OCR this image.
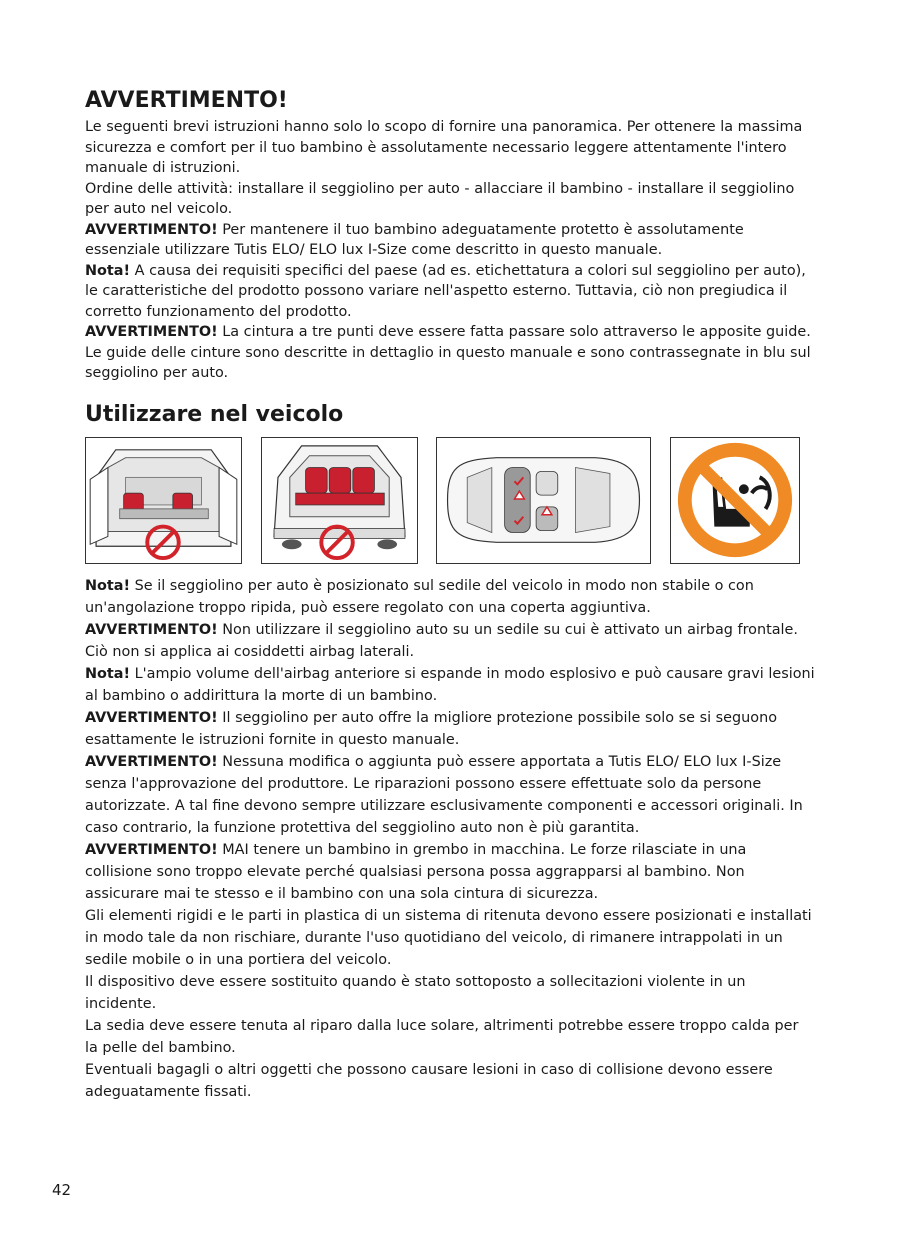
AVVERTIMENTO!

Le seguenti brevi istruzioni hanno solo lo scopo di fornire una panoramica. Per ottenere la massima sicurezza e comfort per il tuo bambino è assolutamente necessario leggere attentamente l'intero manuale di istruzioni.

Ordine delle attività: installare il seggiolino per auto - allacciare il bambino - installare il seggiolino per auto nel veicolo.

AVVERTIMENTO! Per mantenere il tuo bambino adeguatamente protetto è assolutamente essenziale utilizzare Tutis ELO/ ELO lux I-Size come descritto in questo manuale.

Nota! A causa dei requisiti specifici del paese (ad es. etichettatura a colori sul seggiolino per auto), le caratteristiche del prodotto possono variare nell'aspetto esterno. Tuttavia, ciò non pregiudica il corretto funzionamento del prodotto.

AVVERTIMENTO! La cintura a tre punti deve essere fatta passare solo attraverso le apposite guide. Le guide delle cinture sono descritte in dettaglio in questo manuale e sono contrassegnate in blu sul seggiolino per auto.

Utilizzare nel veicolo

Nota! Se il seggiolino per auto è posizionato sul sedile del veicolo in modo non stabile o con un'angolazione troppo ripida, può essere regolato con una coperta aggiuntiva.

AVVERTIMENTO! Non utilizzare il seggiolino auto su un sedile su cui è attivato un airbag frontale. Ciò non si applica ai cosiddetti airbag laterali.

Nota! L'ampio volume dell'airbag anteriore si espande in modo esplosivo e può causare gravi lesioni al bambino o addirittura la morte di un bambino.

AVVERTIMENTO! Il seggiolino per auto offre la migliore protezione possibile solo se si seguono esattamente le istruzioni fornite in questo manuale.

AVVERTIMENTO! Nessuna modifica o aggiunta può essere apportata a Tutis ELO/ ELO lux I-Size senza l'approvazione del produttore. Le riparazioni possono essere effettuate solo da persone autorizzate. A tal fine devono sempre utilizzare esclusivamente componenti e accessori originali. In caso contrario, la funzione protettiva del seggiolino auto non è più garantita.

AVVERTIMENTO! MAI tenere un bambino in grembo in macchina. Le forze rilasciate in una collisione sono troppo elevate perché qualsiasi persona possa aggrapparsi al bambino. Non assicurare mai te stesso e il bambino con una sola cintura di sicurezza.

Gli elementi rigidi e le parti in plastica di un sistema di ritenuta devono essere posizionati e installati in modo tale da non rischiare, durante l'uso quotidiano del veicolo, di rimanere intrappolati in un sedile mobile o in una portiera del veicolo.

Il dispositivo deve essere sostituito quando è stato sottoposto a sollecitazioni violente in un incidente.

La sedia deve essere tenuta al riparo dalla luce solare, altrimenti potrebbe essere troppo calda per la pelle del bambino.

Eventuali bagagli o altri oggetti che possono causare lesioni in caso di collisione devono essere adeguatamente fissati.

42
